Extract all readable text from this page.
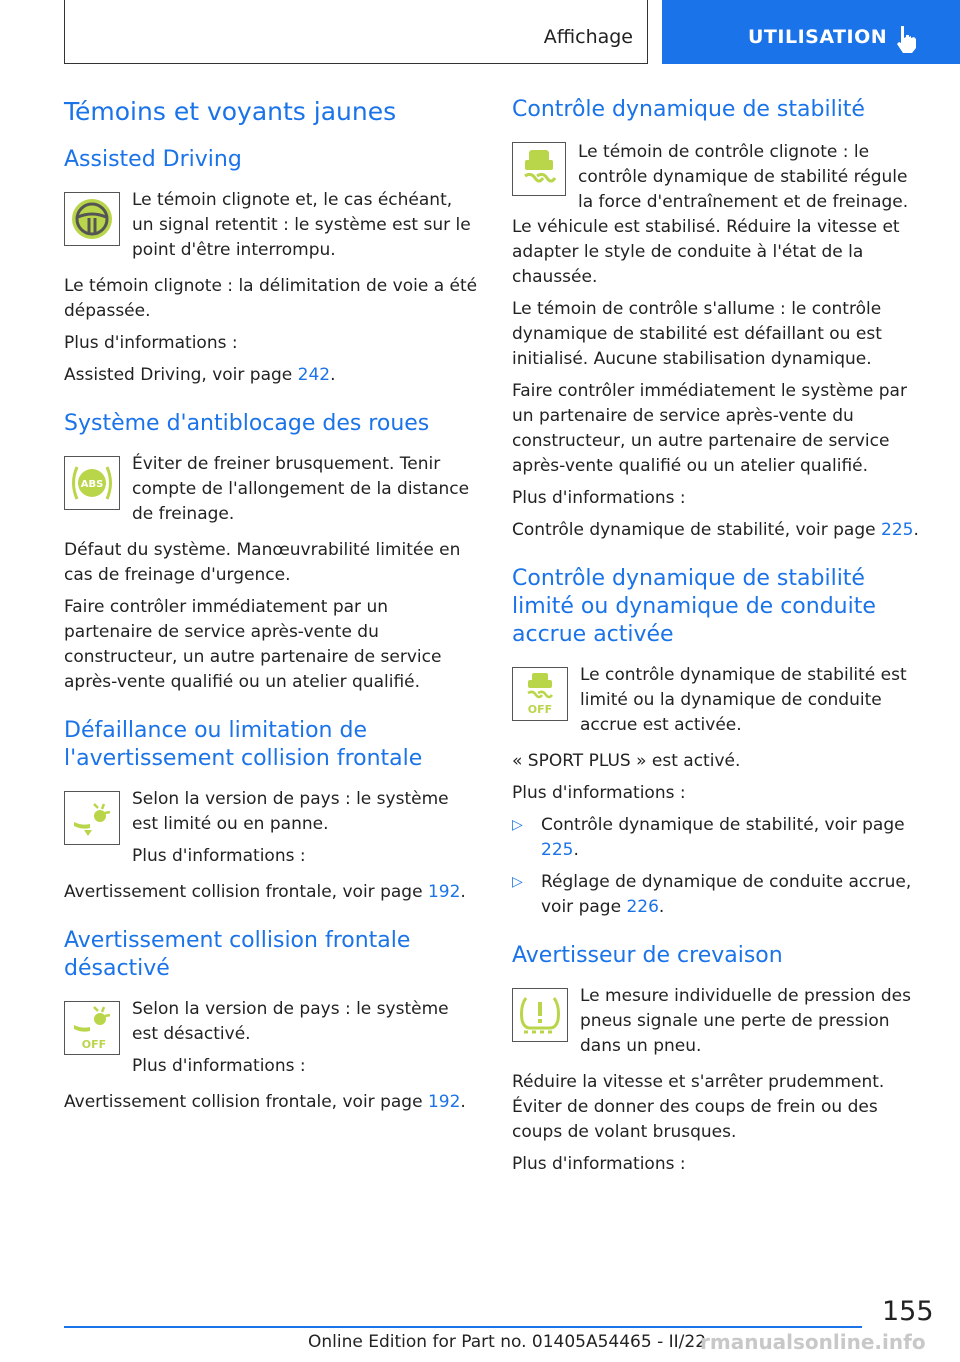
Affichage	UTILISATION
Témoins et voyants jaunes
Assisted Driving

Le témoin clignote et, le cas échéant, un signal retentit : le système est sur le point d'être interrompu.

Le témoin clignote : la délimitation de voie a été dépassée.

Plus d'informations :

Assisted Driving, voir page 242.

Système d'antiblocage des roues
ABS

Éviter de freiner brusquement. Tenir compte de l'allongement de la distance de freinage.

Défaut du système. Manœuvrabilité limitée en cas de freinage d'urgence.

Faire contrôler immédiatement par un partenaire de service après-vente du constructeur, un autre partenaire de service après-vente qualifié ou un atelier qualifié.

Défaillance ou limitation de l'avertissement collision frontale

Selon la version de pays : le système est limité ou en panne.

Plus d'informations :

Avertissement collision frontale, voir page 192.

Avertissement collision frontale désactivé
OFF

Selon la version de pays : le système est désactivé.

Plus d'informations :

Avertissement collision frontale, voir page 192.

Contrôle dynamique de stabilité

Le témoin de contrôle clignote : le contrôle dynamique de stabilité régule la force d'entraînement et de freinage. Le véhicule est stabilisé. Réduire la vitesse et adapter le style de conduite à l'état de la chaussée.

Le témoin de contrôle s'allume : le contrôle dynamique de stabilité est défaillant ou est initialisé. Aucune stabilisation dynamique.

Faire contrôler immédiatement le système par un partenaire de service après-vente du constructeur, un autre partenaire de service après-vente qualifié ou un atelier qualifié.

Plus d'informations :

Contrôle dynamique de stabilité, voir page 225.

Contrôle dynamique de stabilité limité ou dynamique de conduite accrue activée
OFF

Le contrôle dynamique de stabilité est limité ou la dynamique de conduite accrue est activée.

« SPORT PLUS » est activé.

Plus d'informations :

▷	Contrôle dynamique de stabilité, voir page 225.
▷	Réglage de dynamique de conduite accrue, voir page 226.
Avertisseur de crevaison

Le mesure individuelle de pression des pneus signale une perte de pression dans un pneu.

Réduire la vitesse et s'arrêter prudemment. Éviter de donner des coups de frein ou des coups de volant brusques.

Plus d'informations :

155
Online Edition for Part no. 01405A54465 - II/22
rmanualsonline.info
